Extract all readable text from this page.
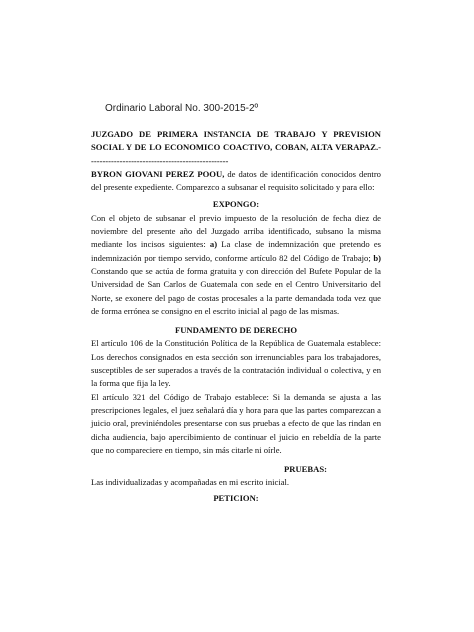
Ordinario Laboral No. 300-2015-2º

JUZGADO DE PRIMERA INSTANCIA DE TRABAJO Y PREVISION SOCIAL Y DE LO ECONOMICO COACTIVO, COBAN, ALTA VERAPAZ.- ------------------------------------------------

BYRON GIOVANI PEREZ POOU, de datos de identificación conocidos dentro del presente expediente. Comparezco a subsanar el requisito solicitado y para ello:

EXPONGO:

Con el objeto de subsanar el previo impuesto de la resolución de fecha diez de noviembre del presente año del Juzgado arriba identificado, subsano la misma mediante los incisos siguientes: a) La clase de indemnización que pretendo es indemnización por tiempo servido, conforme artículo 82 del Código de Trabajo; b) Constando que se actúa de forma gratuita y con dirección del Bufete Popular de la Universidad de San Carlos de Guatemala con sede en el Centro Universitario del Norte, se exonere del pago de costas procesales a la parte demandada toda vez que de forma errónea se consigno en el escrito inicial al pago de las mismas.

FUNDAMENTO DE DERECHO

El artículo 106 de la Constitución Política de la República de Guatemala establece: Los derechos consignados en esta sección son irrenunciables para los trabajadores, susceptibles de ser superados a través de la contratación individual o colectiva, y en la forma que fija la ley.

El artículo 321 del Código de Trabajo establece: Si la demanda se ajusta a las prescripciones legales, el juez señalará día y hora para que las partes comparezcan a juicio oral, previniéndoles presentarse con sus pruebas a efecto de que las rindan en dicha audiencia, bajo apercibimiento de continuar el juicio en rebeldía de la parte que no compareciere en tiempo, sin más citarle ni oírle.

PRUEBAS:

Las individualizadas y acompañadas en mi escrito inicial.

PETICION:
